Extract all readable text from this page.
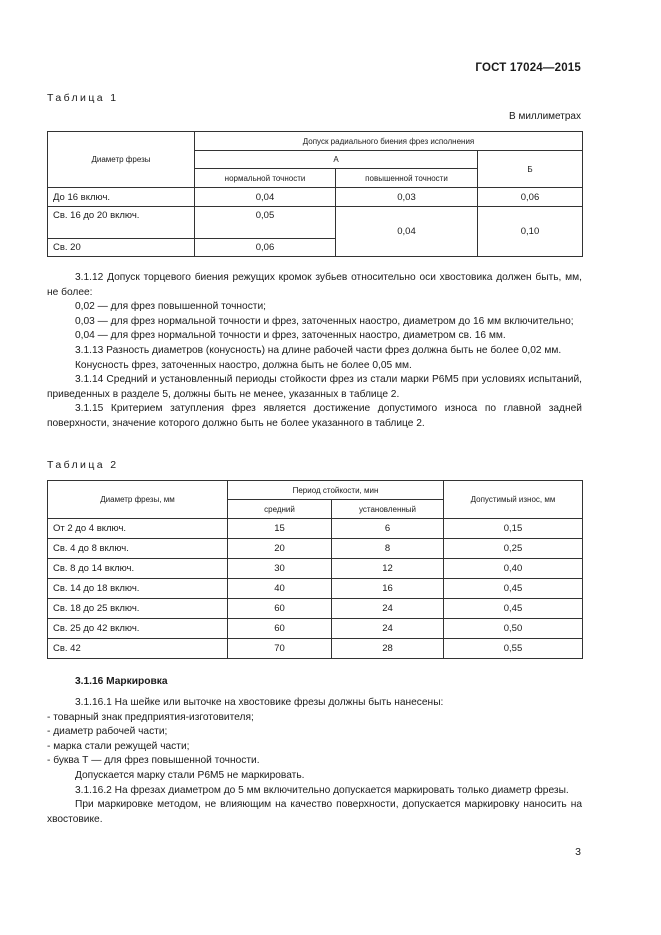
ГОСТ 17024—2015
Таблица 1
В миллиметрах
Диаметр фрезы	Допуск радиального биения фрез исполнения		
	А		Б
	нормальной точности	повышенной точности	
До 16 включ.	0,04	0,03	0,06
Св. 16 до 20 включ.	0,05	0,04	0,10
Св. 20	0,06		

3.1.12 Допуск торцевого биения режущих кромок зубьев относительно оси хвостовика должен быть, мм, не более:

0,02 — для фрез повышенной точности;

0,03 — для фрез нормальной точности и фрез, заточенных наостро, диаметром до 16 мм включительно;

0,04 — для фрез нормальной точности и фрез, заточенных наостро, диаметром св. 16 мм.

3.1.13 Разность диаметров (конусность) на длине рабочей части фрез должна быть не более 0,02 мм.

Конусность фрез, заточенных наостро, должна быть не более 0,05 мм.

3.1.14 Средний и установленный периоды стойкости фрез из стали марки Р6М5 при условиях испытаний, приведенных в разделе 5, должны быть не менее, указанных в таблице 2.

3.1.15 Критерием затупления фрез является достижение допустимого износа по главной задней поверхности, значение которого должно быть не более указанного в таблице 2.

Таблица 2
Диаметр фрезы, мм	Период стойкости, мин		Допустимый износ, мм
	средний	установленный	
От 2 до 4 включ.	15	6	0,15
Св. 4 до 8 включ.	20	8	0,25
Св. 8 до 14 включ.	30	12	0,40
Св. 14 до 18 включ.	40	16	0,45
Св. 18 до 25 включ.	60	24	0,45
Св. 25 до 42 включ.	60	24	0,50
Св. 42	70	28	0,55
3.1.16 Маркировка

3.1.16.1 На шейке или выточке на хвостовике фрезы должны быть нанесены:

- товарный знак предприятия-изготовителя;

- диаметр рабочей части;

- марка стали режущей части;

- буква Т — для фрез повышенной точности.

Допускается марку стали Р6М5 не маркировать.

3.1.16.2 На фрезах диаметром до 5 мм включительно допускается маркировать только диаметр фрезы.

При маркировке методом, не влияющим на качество поверхности, допускается маркировку наносить на хвостовике.

3
